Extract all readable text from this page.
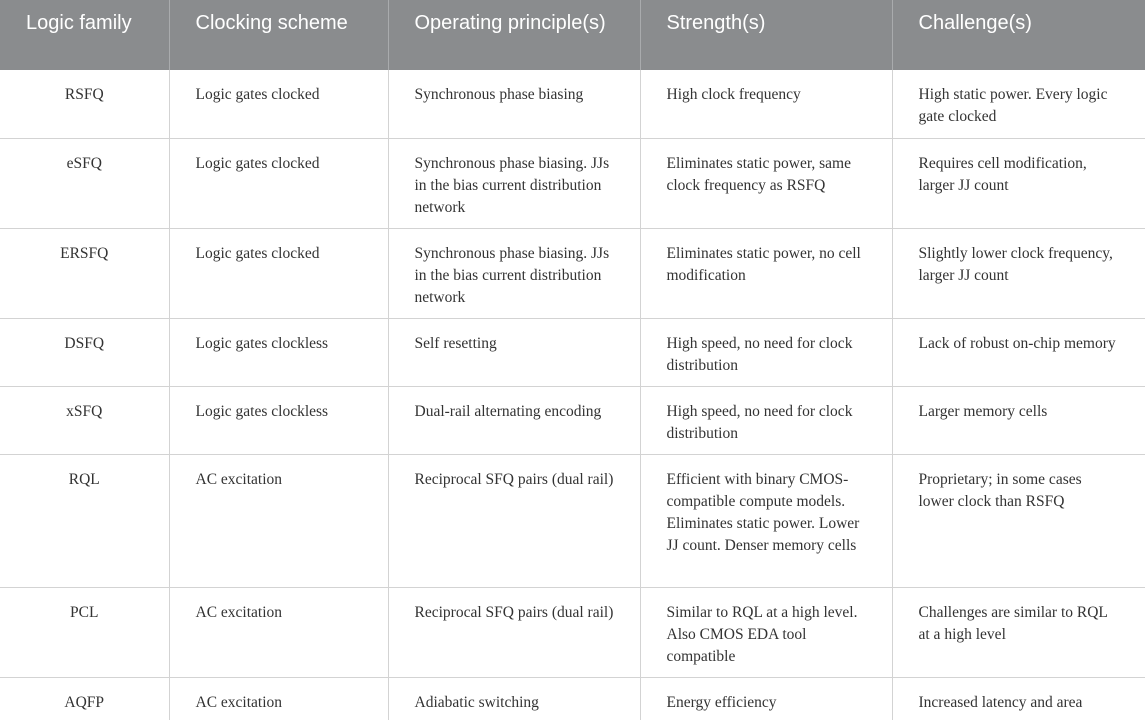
Logic family	Clocking scheme	Operating principle(s)	Strength(s)	Challenge(s)
RSFQ	Logic gates clocked	Synchronous phase biasing	High clock frequency	High static power. Every logic gate clocked
eSFQ	Logic gates clocked	Synchronous phase biasing. JJs in the bias current distribution network	Eliminates static power, same clock frequency as RSFQ	Requires cell modification, larger JJ count
ERSFQ	Logic gates clocked	Synchronous phase biasing. JJs in the bias current distribution network	Eliminates static power, no cell modification	Slightly lower clock frequency, larger JJ count
DSFQ	Logic gates clockless	Self resetting	High speed, no need for clock distribution	Lack of robust on-chip memory
xSFQ	Logic gates clockless	Dual-rail alternating encoding	High speed, no need for clock distribution	Larger memory cells
RQL	AC excitation	Reciprocal SFQ pairs (dual rail)	Efficient with binary CMOS-compatible compute models. Eliminates static power. Lower JJ count. Denser memory cells	Proprietary; in some cases lower clock than RSFQ
PCL	AC excitation	Reciprocal SFQ pairs (dual rail)	Similar to RQL at a high level. Also CMOS EDA tool compatible	Challenges are similar to RQL at a high level
AQFP	AC excitation	Adiabatic switching	Energy efficiency	Increased latency and area
